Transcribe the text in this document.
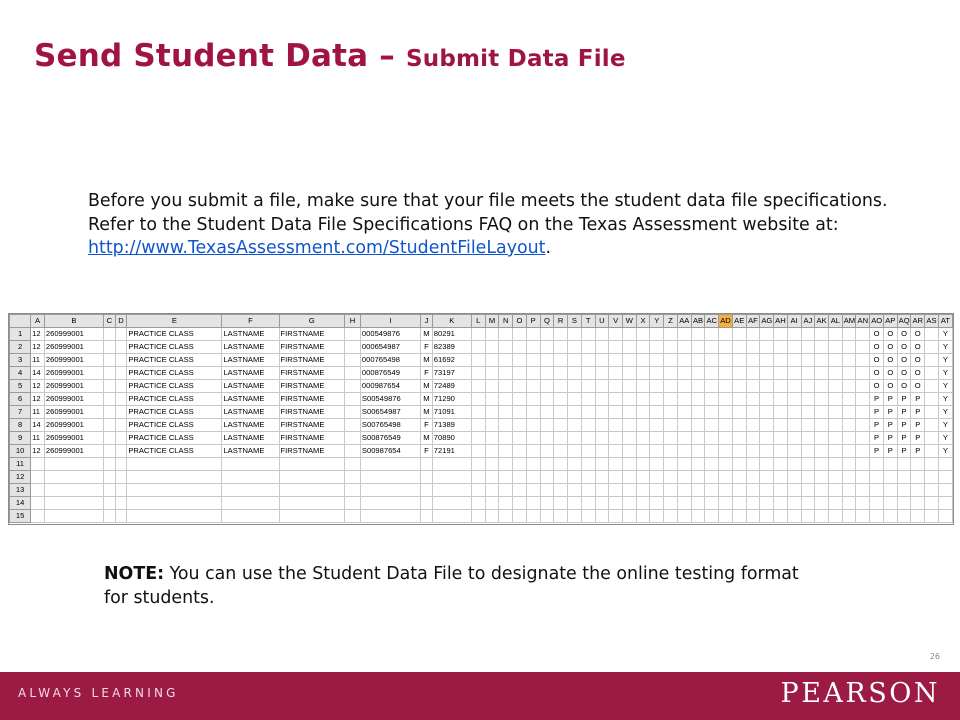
Send Student Data – Submit Data File

Before you submit a file, make sure that your file meets the student data file specifications. Refer to the Student Data File Specifications FAQ on the Texas Assessment website at: http://www.TexasAssessment.com/StudentFileLayout.

	A	B	C	D	E	F	G	H	I	J	K	L	M	N	O	P	Q	R	S	T	U	V	W	X	Y	Z	AA	AB	AC	AD	AE	AF	AG	AH	AI	AJ	AK	AL	AM	AN	AO	AP	AQ	AR	AS	AT
1	12	260999001			PRACTICE CLASS	LASTNAME	FIRSTNAME		000549876	M	80291																														O	O	O	O		Y
2	12	260999001			PRACTICE CLASS	LASTNAME	FIRSTNAME		000654987	F	82389																														O	O	O	O		Y
3	11	260999001			PRACTICE CLASS	LASTNAME	FIRSTNAME		000765498	M	61692																														O	O	O	O		Y
4	14	260999001			PRACTICE CLASS	LASTNAME	FIRSTNAME		000876549	F	73197																														O	O	O	O		Y
5	12	260999001			PRACTICE CLASS	LASTNAME	FIRSTNAME		000987654	M	72489																														O	O	O	O		Y
6	12	260999001			PRACTICE CLASS	LASTNAME	FIRSTNAME		S00549876	M	71290																														P	P	P	P		Y
7	11	260999001			PRACTICE CLASS	LASTNAME	FIRSTNAME		S00654987	M	71091																														P	P	P	P		Y
8	14	260999001			PRACTICE CLASS	LASTNAME	FIRSTNAME		S00765498	F	71389																														P	P	P	P		Y
9	11	260999001			PRACTICE CLASS	LASTNAME	FIRSTNAME		S00876549	M	70890																														P	P	P	P		Y
10	12	260999001			PRACTICE CLASS	LASTNAME	FIRSTNAME		S00987654	F	72191																														P	P	P	P		Y
11																																														
12																																														
13																																														
14																																														
15																																														

NOTE: You can use the Student Data File to designate the online testing format for students.

26
ALWAYS LEARNING	PEARSON
